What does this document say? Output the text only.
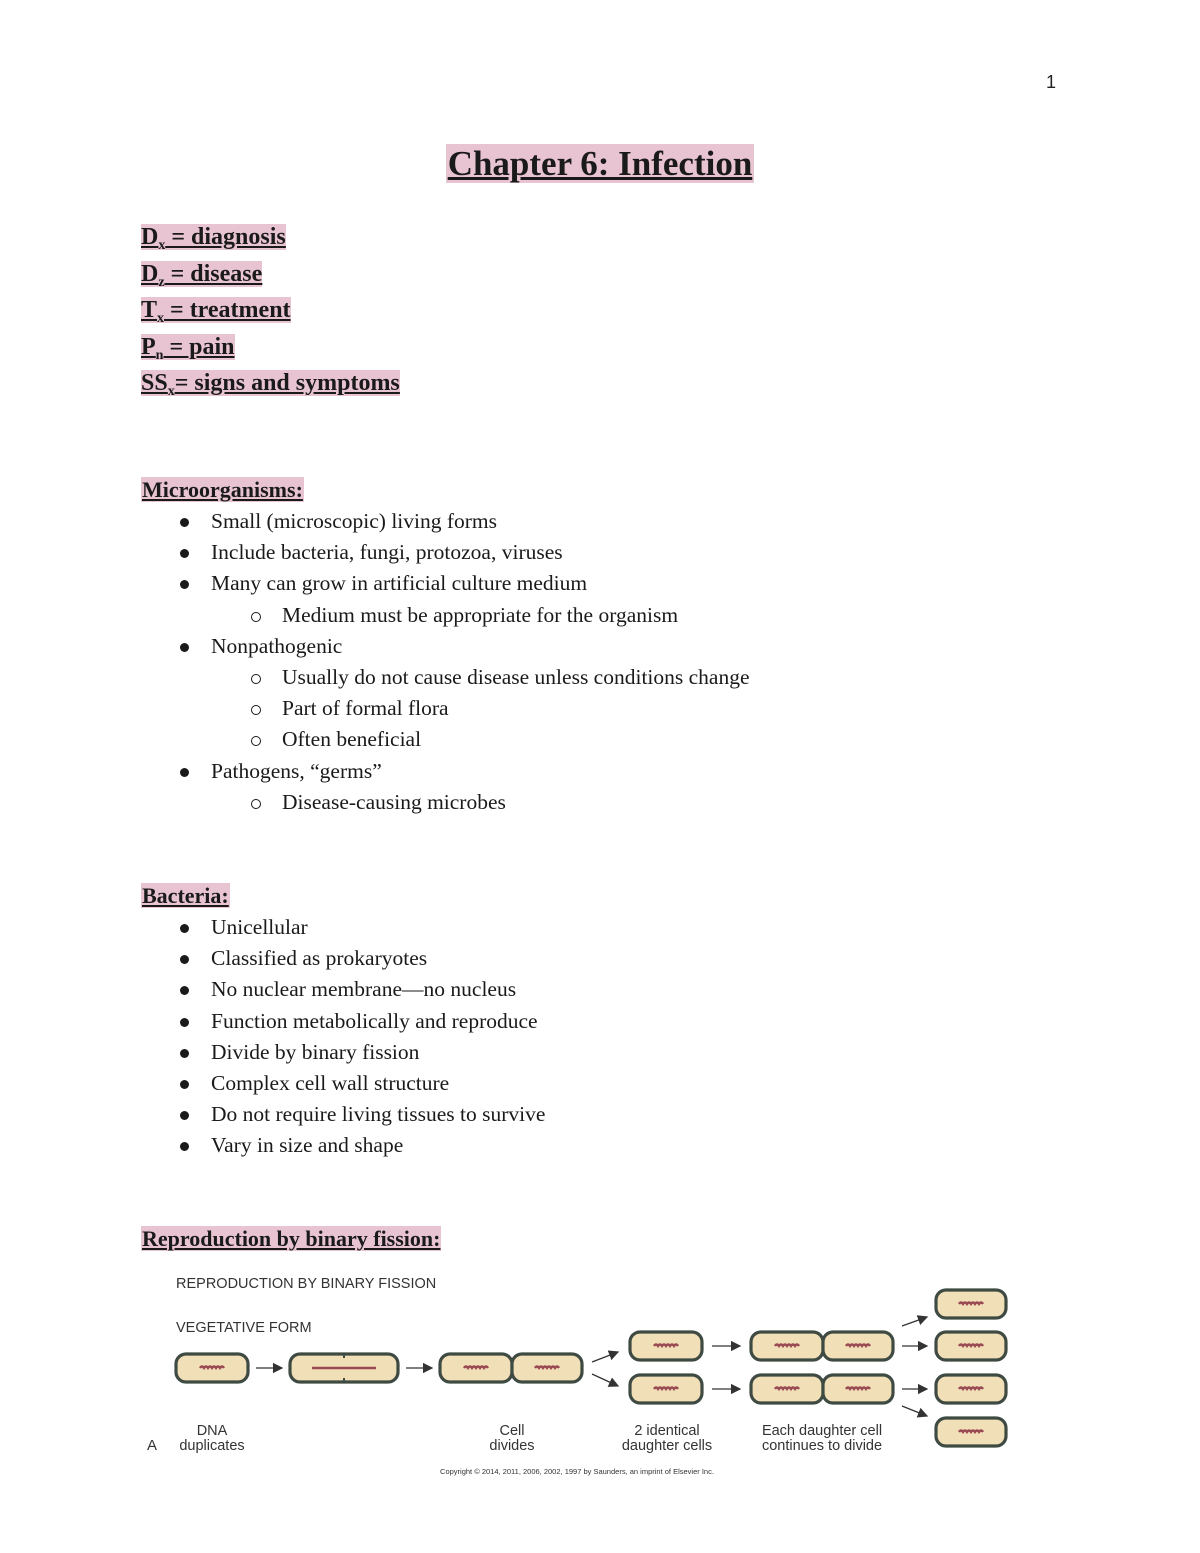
1
Chapter 6: Infection
$D_x$ = diagnosis
$D_z$ = disease
$T_x$ = treatment
$P_n$ = pain
$SS_x=$ signs and symptoms
Microorganisms:
Small (microscopic) living forms
Include bacteria, fungi, protozoa, viruses
Many can grow in artificial culture medium
Medium must be appropriate for the organism
Nonpathogenic
Usually do not cause disease unless conditions change
Part of formal flora
Often beneficial
Pathogens, “germs”
Disease-causing microbes
Bacteria:
Unicellular
Classified as prokaryotes
No nuclear membrane—no nucleus
Function metabolically and reproduce
Divide by binary fission
Complex cell wall structure
Do not require living tissues to survive
Vary in size and shape
Reproduction by binary fission:
REPRODUCTION BY BINARY FISSION
VEGETATIVE FORM
A
DNA
duplicates
Cell
divides
2 identical
daughter cells
Each daughter cell
continues to divide
Copyright © 2014, 2011, 2006, 2002, 1997 by Saunders, an imprint of Elsevier Inc.
